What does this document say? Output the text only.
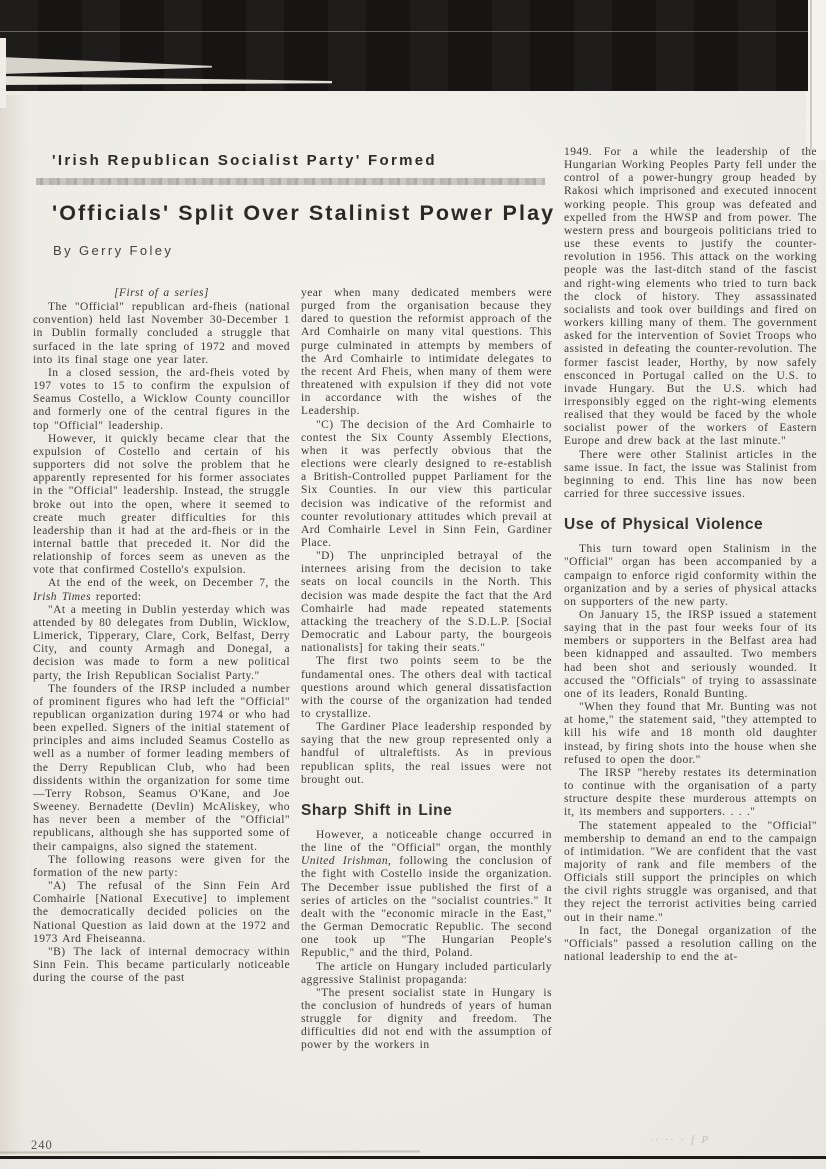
'Irish Republican Socialist Party' Formed
'Officials' Split Over Stalinist Power Play
By Gerry Foley

[First of a series]

The "Official" republican ard-fheis (national convention) held last November 30-December 1 in Dublin formally concluded a struggle that surfaced in the late spring of 1972 and moved into its final stage one year later.

In a closed session, the ard-fheis voted by 197 votes to 15 to confirm the expulsion of Seamus Costello, a Wicklow County councillor and formerly one of the central figures in the top "Official" leadership.

However, it quickly became clear that the expulsion of Costello and certain of his supporters did not solve the problem that he apparently represented for his former associates in the "Official" leadership. Instead, the struggle broke out into the open, where it seemed to create much greater difficulties for this leadership than it had at the ard-fheis or in the internal battle that preceded it. Nor did the relationship of forces seem as uneven as the vote that confirmed Costello's expulsion.

At the end of the week, on December 7, the Irish Times reported:

"At a meeting in Dublin yesterday which was attended by 80 delegates from Dublin, Wicklow, Limerick, Tipperary, Clare, Cork, Belfast, Derry City, and county Armagh and Donegal, a decision was made to form a new political party, the Irish Republican Socialist Party."

The founders of the IRSP included a number of prominent figures who had left the "Official" republican organization during 1974 or who had been expelled. Signers of the initial statement of principles and aims included Seamus Costello as well as a number of former leading members of the Derry Republican Club, who had been dissidents within the organization for some time—Terry Robson, Seamus O'Kane, and Joe Sweeney. Bernadette (Devlin) McAliskey, who has never been a member of the "Official" republicans, although she has supported some of their campaigns, also signed the statement.

The following reasons were given for the formation of the new party:

"A) The refusal of the Sinn Fein Ard Comhairle [National Executive] to implement the democratically decided policies on the National Question as laid down at the 1972 and 1973 Ard Fheiseanna.

"B) The lack of internal democracy within Sinn Fein. This became particularly noticeable during the course of the past

year when many dedicated members were purged from the organisation because they dared to question the reformist approach of the Ard Comhairle on many vital questions. This purge culminated in attempts by members of the Ard Comhairle to intimidate delegates to the recent Ard Fheis, when many of them were threatened with expulsion if they did not vote in accordance with the wishes of the Leadership.

"C) The decision of the Ard Comhairle to contest the Six County Assembly Elections, when it was perfectly obvious that the elections were clearly designed to re-establish a British-Controlled puppet Parliament for the Six Counties. In our view this particular decision was indicative of the reformist and counter revolutionary attitudes which prevail at Ard Comhairle Level in Sinn Fein, Gardiner Place.

"D) The unprincipled betrayal of the internees arising from the decision to take seats on local councils in the North. This decision was made despite the fact that the Ard Comhairle had made repeated statements attacking the treachery of the S.D.L.P. [Social Democratic and Labour party, the bourgeois nationalists] for taking their seats."

The first two points seem to be the fundamental ones. The others deal with tactical questions around which general dissatisfaction with the course of the organization had tended to crystallize.

The Gardiner Place leadership responded by saying that the new group represented only a handful of ultraleftists. As in previous republican splits, the real issues were not brought out.

Sharp Shift in Line

However, a noticeable change occurred in the line of the "Official" organ, the monthly United Irishman, following the conclusion of the fight with Costello inside the organization. The December issue published the first of a series of articles on the "socialist countries." It dealt with the "economic miracle in the East," the German Democratic Republic. The second one took up "The Hungarian People's Republic," and the third, Poland.

The article on Hungary included particularly aggressive Stalinist propaganda:

"The present socialist state in Hungary is the conclusion of hundreds of years of human struggle for dignity and freedom. The difficulties did not end with the assumption of power by the workers in

1949. For a while the leadership of the Hungarian Working Peoples Party fell under the control of a power-hungry group headed by Rakosi which imprisoned and executed innocent working people. This group was defeated and expelled from the HWSP and from power. The western press and bourgeois politicians tried to use these events to justify the counter-revolution in 1956. This attack on the working people was the last-ditch stand of the fascist and right-wing elements who tried to turn back the clock of history. They assassinated socialists and took over buildings and fired on workers killing many of them. The government asked for the intervention of Soviet Troops who assisted in defeating the counter-revolution. The former fascist leader, Horthy, by now safely ensconced in Portugal called on the U.S. to invade Hungary. But the U.S. which had irresponsibly egged on the right-wing elements realised that they would be faced by the whole socialist power of the workers of Eastern Europe and drew back at the last minute."

There were other Stalinist articles in the same issue. In fact, the issue was Stalinist from beginning to end. This line has now been carried for three successive issues.

Use of Physical Violence

This turn toward open Stalinism in the "Official" organ has been accompanied by a campaign to enforce rigid conformity within the organization and by a series of physical attacks on supporters of the new party.

On January 15, the IRSP issued a statement saying that in the past four weeks four of its members or supporters in the Belfast area had been kidnapped and assaulted. Two members had been shot and seriously wounded. It accused the "Officials" of trying to assassinate one of its leaders, Ronald Bunting.

"When they found that Mr. Bunting was not at home," the statement said, "they attempted to kill his wife and 18 month old daughter instead, by firing shots into the house when she refused to open the door."

The IRSP "hereby restates its determination to continue with the organisation of a party structure despite these murderous attempts on it, its members and supporters. . . ."

The statement appealed to the "Official" membership to demand an end to the campaign of intimidation. "We are confident that the vast majority of rank and file members of the Officials still support the principles on which the civil rights struggle was organised, and that they reject the terrorist activities being carried out in their name."

In fact, the Donegal organization of the "Officials" passed a resolution calling on the national leadership to end the at-

240	·· ·· · f P
